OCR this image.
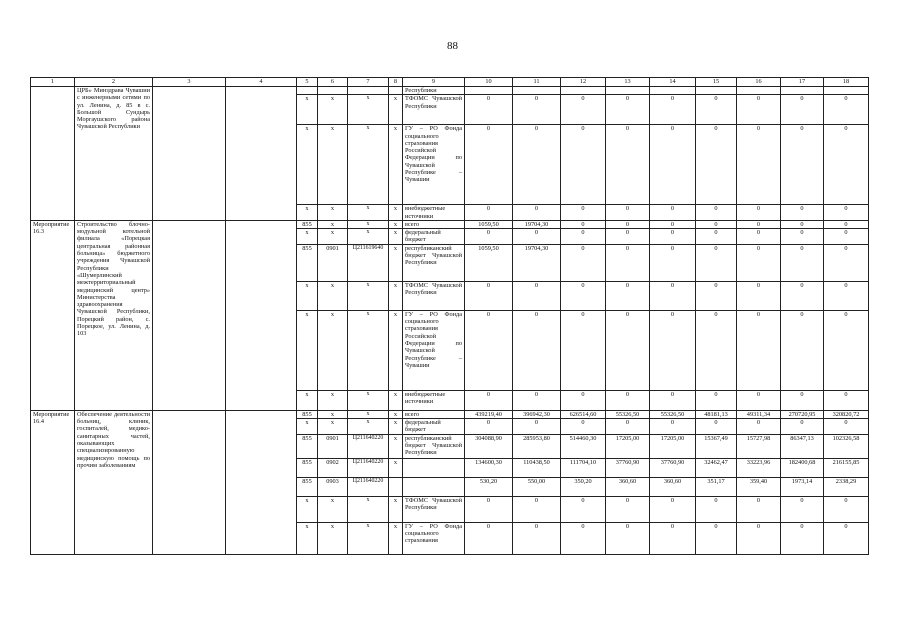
88
1	2	3	4	5	6	7	8	9	10	11	12	13	14	15	16	17	18
	ЦРБ» Минздрава Чувашии с инженерными сетями по ул. Ленина, д. 85 в с. Большой Сундырь Моргаушского района Чувашской Республики							Республики									
				x	x	x	x	ТФОМС Чувашской Республики	0	0	0	0	0	0	0	0	0
				x	x	x	x	ГУ – РО Фонда социального страхования Российской Федерации по Чувашской Республике – Чувашии	0	0	0	0	0	0	0	0	0
				x	x	x	x	внебюджетные источники	0	0	0	0	0	0	0	0	0
Мероприятие 16.3	Строительство блочно-модульной котельной филиала «Порецкая центральная районная больница» бюджетного учреждения Чувашской Республики «Шумерлинский межтерриториальный медицинский центр» Министерства здравоохранения Чувашской Республики, Порецкий район, с. Порецкое, ул. Ленина, д. 103			855	x	x	x	всего	1059,50	19704,30	0	0	0	0	0	0	0
				x	x	x	x	федеральный бюджет	0	0	0	0	0	0	0	0	0
				855	0901	Ц211619640	x	республиканский бюджет Чувашской Республики	1059,50	19704,30	0	0	0	0	0	0	0
				x	x	x	x	ТФОМС Чувашской Республики	0	0	0	0	0	0	0	0	0
				x	x	x	x	ГУ – РО Фонда социального страхования Российской Федерации по Чувашской Республике – Чувашии	0	0	0	0	0	0	0	0	0
				x	x	x	x	внебюджетные источники	0	0	0	0	0	0	0	0	0
Мероприятие 16.4	Обеспечение деятельности больниц, клиник, госпиталей, медико-санитарных частей, оказывающих специализированную медицинскую помощь по прочим заболеваниям			855	x	x	x	всего	439219,40	396942,30	626514,60	55326,50	55326,50	48181,13	49311,34	270720,95	320820,72
				x	x	x	x	федеральный бюджет	0	0	0	0	0	0	0	0	0
				855	0901	Ц211640220	x	республиканский бюджет Чувашской Республики	304088,90	285953,80	514460,30	17205,00	17205,00	15367,49	15727,98	86347,13	102326,58
				855	0902	Ц211640220	x		134600,30	110438,50	111704,10	37760,90	37760,90	32462,47	33223,96	182400,68	216155,85
				855	0903	Ц211640220			530,20	550,00	350,20	360,60	360,60	351,17	359,40	1973,14	2338,29
				x	x	x	x	ТФОМС Чувашской Республики	0	0	0	0	0	0	0	0	0
				x	x	x	x	ГУ – РО Фонда социального страхования	0	0	0	0	0	0	0	0	0
